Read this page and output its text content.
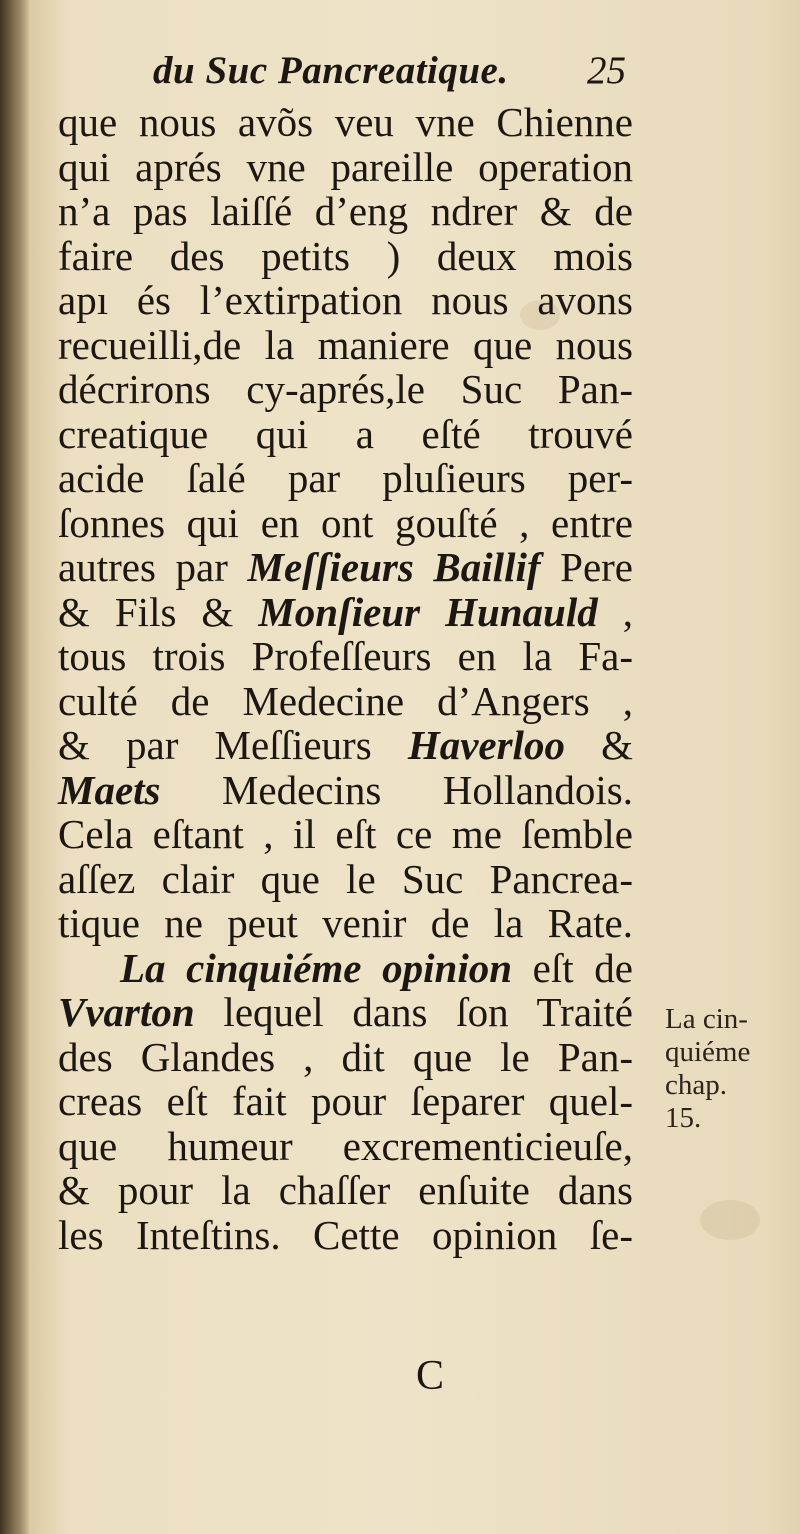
du Suc Pancreatique. 25
que nous avõs veu vne Chienne
qui aprés vne pareille operation
n’a pas laiſſé d’eng ndrer & de
faire des petits ) deux mois
apı és l’extirpation nous avons
recueilli,de la maniere que nous
décrirons cy-aprés,le Suc Pan-
creatique qui a eſté trouvé
acide ſalé par pluſieurs per-
ſonnes qui en ont gouſté , entre
autres par Meſſieurs Baillif Pere
& Fils & Monſieur Hunauld ,
tous trois Profeſſeurs en la Fa-
culté de Medecine d’Angers ,
& par Meſſieurs Haverloo &
Maets Medecins Hollandois.
Cela eſtant , il eſt ce me ſemble
aſſez clair que le Suc Pancrea-
tique ne peut venir de la Rate.
La cinquiéme opinion eſt de
Vvarton lequel dans ſon Traité
des Glandes , dit que le Pan-
creas eſt fait pour ſeparer quel-
que humeur excrementicieuſe,
& pour la chaſſer enſuite dans
les Inteſtins. Cette opinion ſe-
C
La cin-
quiéme
chap.
15.
